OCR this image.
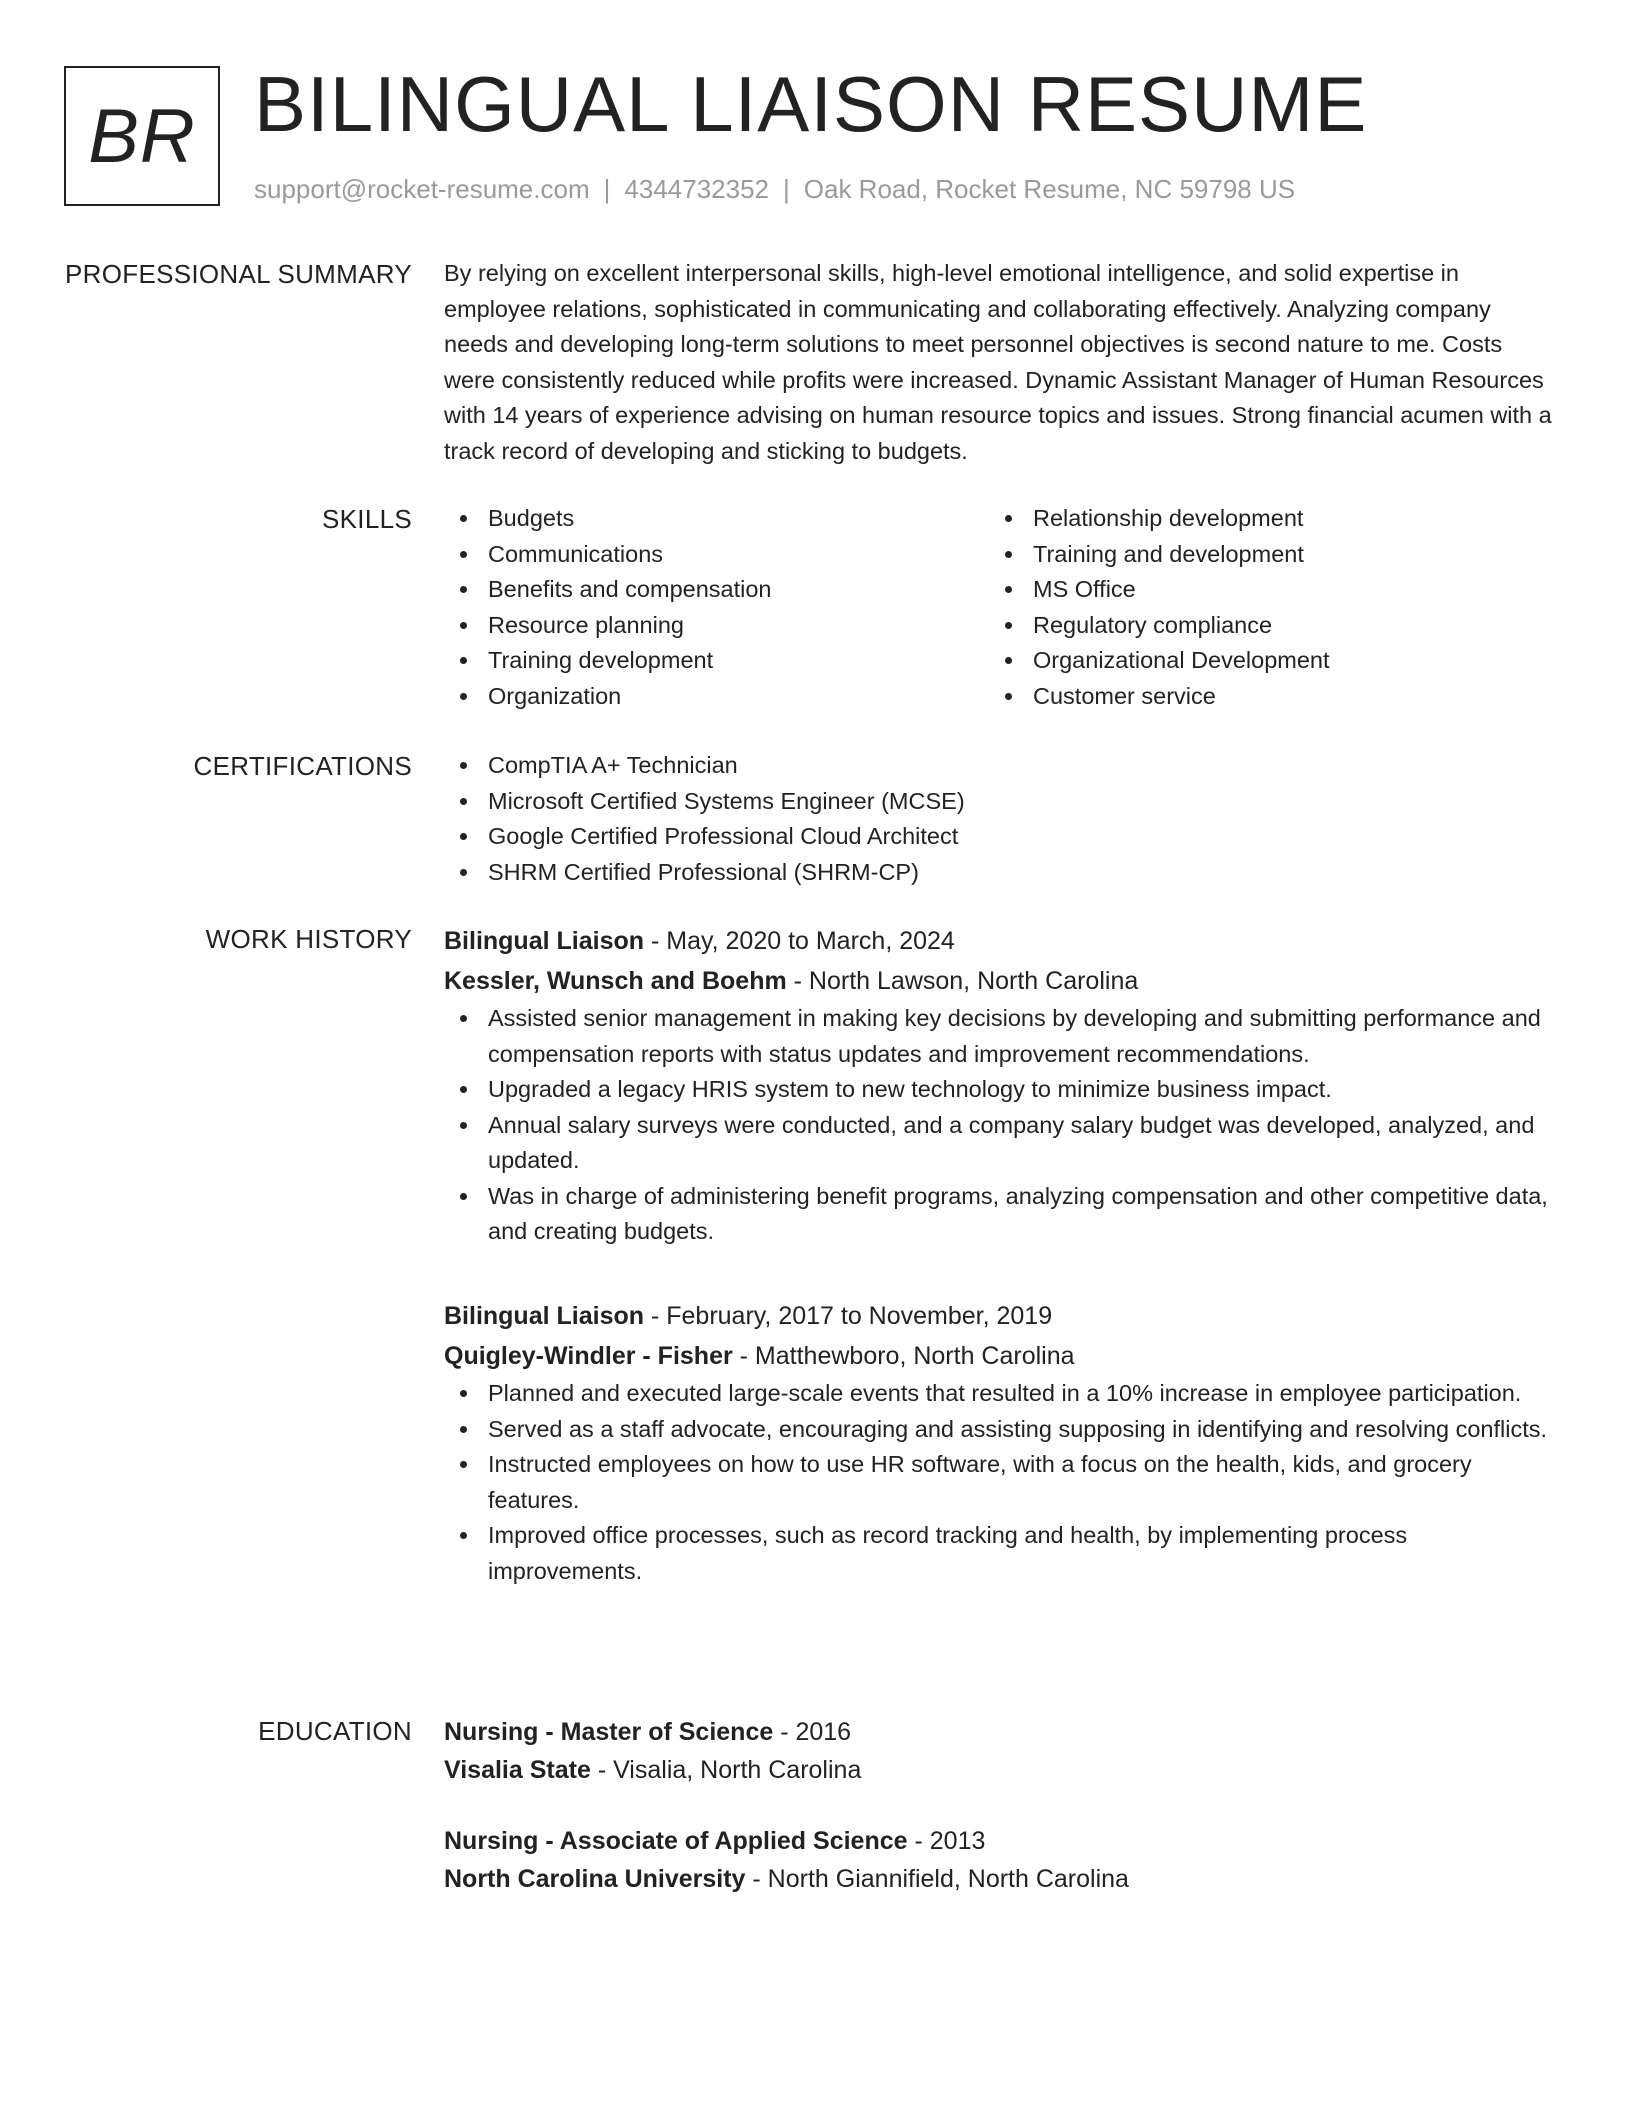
BR BILINGUAL LIAISON RESUME
support@rocket-resume.com | 4344732352 | Oak Road, Rocket Resume, NC 59798 US
PROFESSIONAL SUMMARY By relying on excellent interpersonal skills, high-level emotional intelligence, and solid expertise in employee relations, sophisticated in communicating and collaborating effectively. Analyzing company needs and developing long-term solutions to meet personnel objectives is second nature to me. Costs were consistently reduced while profits were increased. Dynamic Assistant Manager of Human Resources with 14 years of experience advising on human resource topics and issues. Strong financial acumen with a track record of developing and sticking to budgets.

SKILLS	Budgets
Communications
Benefits and compensation
Resource planning
Training development
Organization
Relationship development
Training and development
MS Office
Regulatory compliance
Organizational Development
Customer service
CERTIFICATIONS	CompTIA A+ Technician
Microsoft Certified Systems Engineer (MCSE)
Google Certified Professional Cloud Architect
SHRM Certified Professional (SHRM-CP)
WORK HISTORY Bilingual Liaison - May, 2020 to March, 2024
Kessler, Wunsch and Boehm - North Lawson, North Carolina
Assisted senior management in making key decisions by developing and submitting performance and compensation reports with status updates and improvement recommendations.
Upgraded a legacy HRIS system to new technology to minimize business impact.
Annual salary surveys were conducted, and a company salary budget was developed, analyzed, and updated.
Was in charge of administering benefit programs, analyzing compensation and other competitive data, and creating budgets.
Bilingual Liaison - February, 2017 to November, 2019
Quigley-Windler - Fisher - Matthewboro, North Carolina
Planned and executed large-scale events that resulted in a 10% increase in employee participation.
Served as a staff advocate, encouraging and assisting supposing in identifying and resolving conflicts.
Instructed employees on how to use HR software, with a focus on the health, kids, and grocery features.
Improved office processes, such as record tracking and health, by implementing process improvements.
EDUCATION Nursing - Master of Science - 2016
Visalia State - Visalia, North Carolina
Nursing - Associate of Applied Science - 2013
North Carolina University - North Giannifield, North Carolina
